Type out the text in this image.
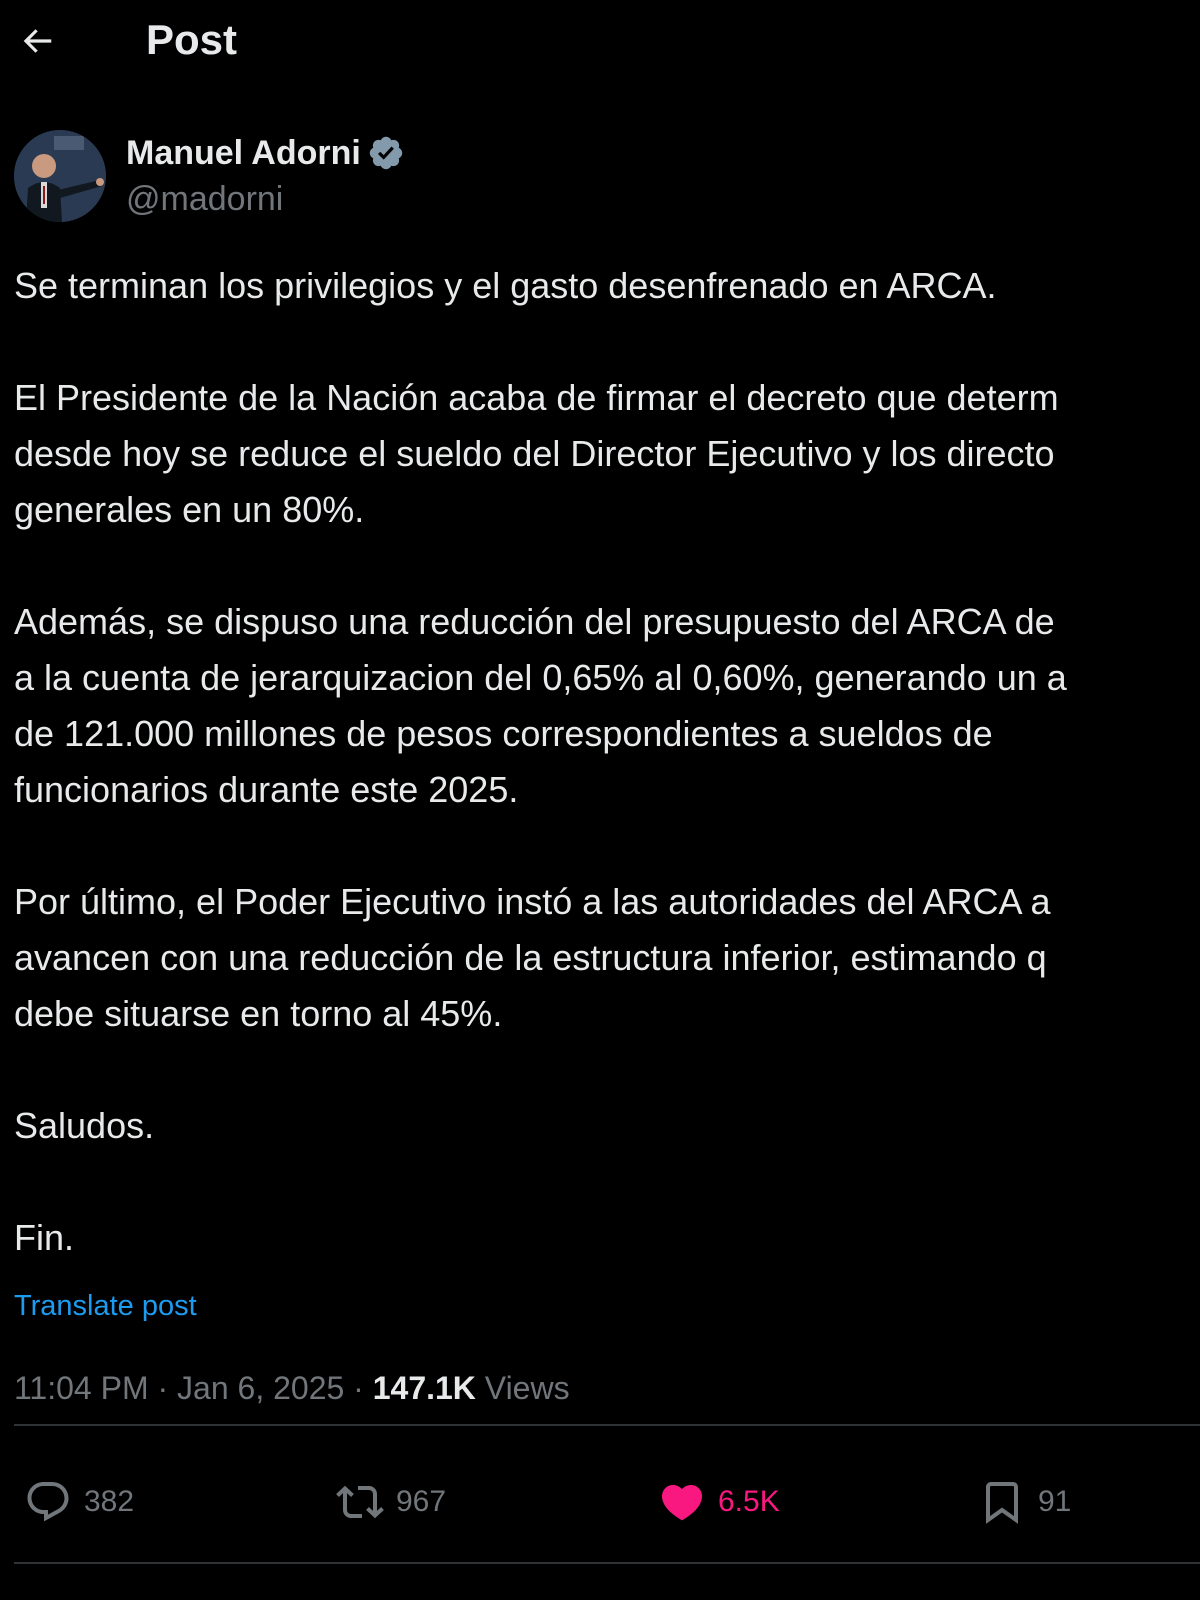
Post
Manuel Adorni
@madorni

Se terminan los privilegios y el gasto desenfrenado en ARCA.

El Presidente de la Nación acaba de firmar el decreto que determ
desde hoy se reduce el sueldo del Director Ejecutivo y los directo
generales en un 80%.

Además, se dispuso una reducción del presupuesto del ARCA de
a la cuenta de jerarquizacion del 0,65% al 0,60%, generando un a
de 121.000 millones de pesos correspondientes a sueldos de
funcionarios durante este 2025.

Por último, el Poder Ejecutivo instó a las autoridades del ARCA a
avancen con una reducción de la estructura inferior, estimando q
debe situarse en torno al 45%.

Saludos.

Fin.

Translate post
11:04 PM · Jan 6, 2025 · 147.1K Views
382	967	6.5K	91
